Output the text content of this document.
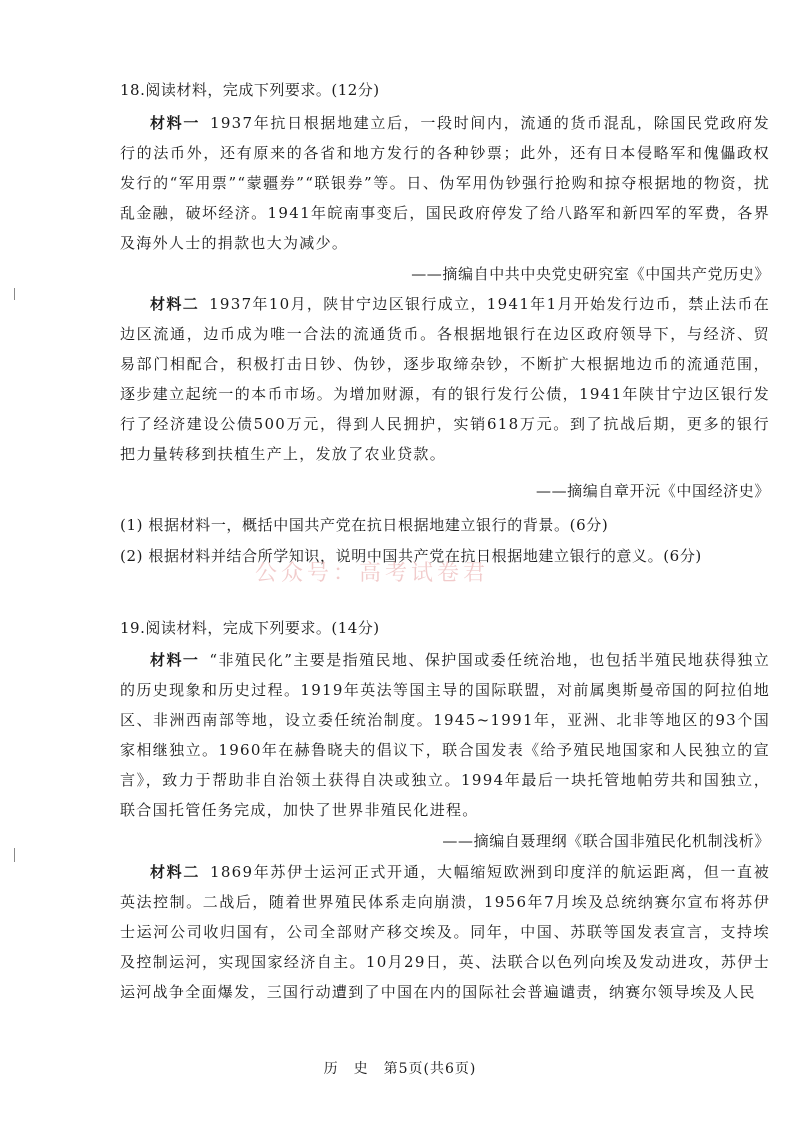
18.阅读材料，完成下列要求。(12分)
材料一 1937年抗日根据地建立后，一段时间内，流通的货币混乱，除国民党政府发行的法币外，还有原来的各省和地方发行的各种钞票；此外，还有日本侵略军和傀儡政权发行的“军用票”“蒙疆券”“联银券”等。日、伪军用伪钞强行抢购和掠夺根据地的物资，扰乱金融，破坏经济。1941年皖南事变后，国民政府停发了给八路军和新四军的军费，各界及海外人士的捐款也大为减少。
——摘编自中共中央党史研究室《中国共产党历史》
材料二 1937年10月，陕甘宁边区银行成立，1941年1月开始发行边币，禁止法币在边区流通，边币成为唯一合法的流通货币。各根据地银行在边区政府领导下，与经济、贸易部门相配合，积极打击日钞、伪钞，逐步取缔杂钞，不断扩大根据地边币的流通范围，逐步建立起统一的本币市场。为增加财源，有的银行发行公债，1941年陕甘宁边区银行发行了经济建设公债500万元，得到人民拥护，实销618万元。到了抗战后期，更多的银行把力量转移到扶植生产上，发放了农业贷款。
——摘编自章开沅《中国经济史》
(1) 根据材料一，概括中国共产党在抗日根据地建立银行的背景。(6分)
(2) 根据材料并结合所学知识，说明中国共产党在抗日根据地建立银行的意义。(6分)
公众号：高考试卷君
19.阅读材料，完成下列要求。(14分)
材料一 “非殖民化”主要是指殖民地、保护国或委任统治地，也包括半殖民地获得独立的历史现象和历史过程。1919年英法等国主导的国际联盟，对前属奥斯曼帝国的阿拉伯地区、非洲西南部等地，设立委任统治制度。1945~1991年，亚洲、北非等地区的93个国家相继独立。1960年在赫鲁晓夫的倡议下，联合国发表《给予殖民地国家和人民独立的宣言》，致力于帮助非自治领土获得自决或独立。1994年最后一块托管地帕劳共和国独立，联合国托管任务完成，加快了世界非殖民化进程。
——摘编自聂理纲《联合国非殖民化机制浅析》
材料二 1869年苏伊士运河正式开通，大幅缩短欧洲到印度洋的航运距离，但一直被英法控制。二战后，随着世界殖民体系走向崩溃，1956年7月埃及总统纳赛尔宣布将苏伊士运河公司收归国有，公司全部财产移交埃及。同年，中国、苏联等国发表宣言，支持埃及控制运河，实现国家经济自主。10月29日，英、法联合以色列向埃及发动进攻，苏伊士运河战争全面爆发，三国行动遭到了中国在内的国际社会普遍谴责，纳赛尔领导埃及人民
历　史　第5页(共6页)
